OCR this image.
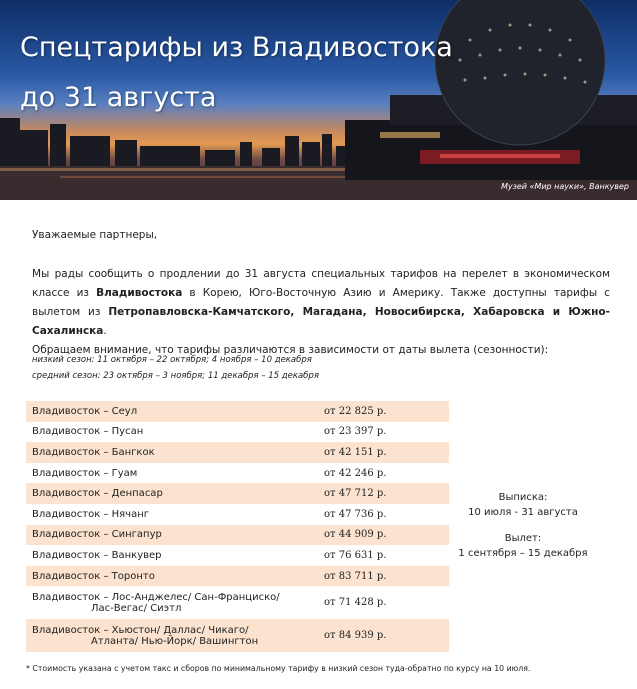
Спецтарифы из Владивостока
до 31 августа
Музей «Мир науки», Ванкувер
Уважаемые партнеры,
Мы рады сообщить о продлении до 31 августа специальных тарифов на перелет в экономическом классе из Владивостока в Корею, Юго-Восточную Азию и Америку. Также доступны тарифы с вылетом из Петропавловска-Камчатского, Магадана, Новосибирска, Хабаровска и Южно-Сахалинска.
Обращаем внимание, что тарифы различаются в зависимости от даты вылета (сезонности):
низкий сезон: 11 октября – 22 октября; 4 ноября – 10 декабря
средний сезон: 23 октября – 3 ноября; 11 декабря – 15 декабря
Владивосток – Сеул	от 22 825 р.
Владивосток – Пусан	от 23 397 р.
Владивосток – Бангкок	от 42 151 р.
Владивосток – Гуам	от 42 246 р.
Владивосток – Денпасар	от 47 712 р.
Владивосток – Нячанг	от 47 736 р.
Владивосток – Сингапур	от 44 909 р.
Владивосток – Ванкувер	от 76 631 р.
Владивосток – Торонто	от 83 711 р.
Владивосток – Лос-Анджелес/ Сан-Франциско/
Лас-Вегас/ Сиэтл	от 71 428 р.
Владивосток – Хьюстон/ Даллас/ Чикаго/
Атланта/ Нью-Йорк/ Вашингтон	от 84 939 р.
Выписка:
10 июля - 31 августа
Вылет:
1 сентября – 15 декабря
* Стоимость указана с учетом такс и сборов по минимальному тарифу в низкий сезон туда-обратно по курсу на 10 июля.
